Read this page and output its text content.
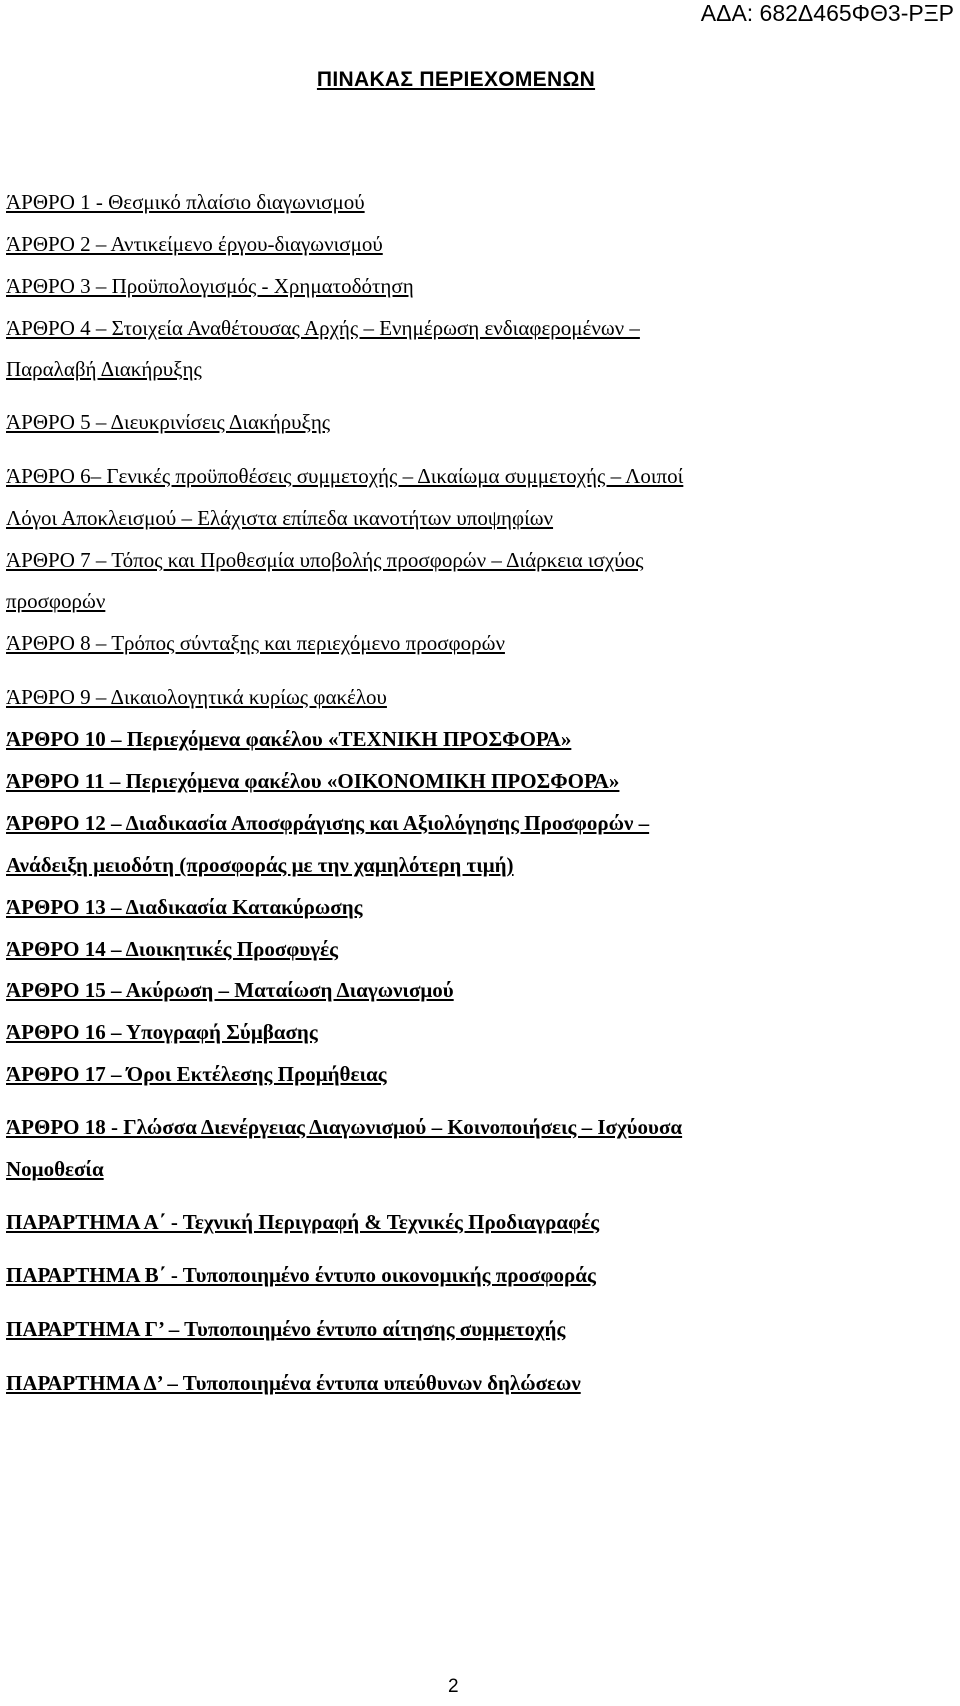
ΑΔΑ: 682Δ465ΦΘ3-ΡΞΡ
ΠΙΝΑΚΑΣ ΠΕΡΙΕΧΟΜΕΝΩΝ
ΆΡΘΡΟ 1 - Θεσμικό πλαίσιο διαγωνισμού
ΆΡΘΡΟ 2 – Αντικείμενο έργου-διαγωνισμού
ΆΡΘΡΟ 3 – Προϋπολογισμός - Χρηματοδότηση
ΆΡΘΡΟ 4 – Στοιχεία Αναθέτουσας Αρχής – Ενημέρωση ενδιαφερομένων –
Παραλαβή Διακήρυξης
ΆΡΘΡΟ 5 – Διευκρινίσεις Διακήρυξης
ΆΡΘΡΟ 6– Γενικές προϋποθέσεις συμμετοχής – Δικαίωμα συμμετοχής – Λοιποί
Λόγοι Αποκλεισμού – Ελάχιστα επίπεδα ικανοτήτων υποψηφίων
ΆΡΘΡΟ 7 – Τόπος και Προθεσμία υποβολής προσφορών – Διάρκεια ισχύος
προσφορών
ΆΡΘΡΟ 8 – Τρόπος σύνταξης και περιεχόμενο προσφορών
ΆΡΘΡΟ 9 – Δικαιολογητικά κυρίως φακέλου
ΆΡΘΡΟ 10 – Περιεχόμενα φακέλου «ΤΕΧΝΙΚΗ ΠΡΟΣΦΟΡΑ»
ΆΡΘΡΟ 11 – Περιεχόμενα φακέλου «ΟΙΚΟΝΟΜΙΚΗ ΠΡΟΣΦΟΡΑ»
ΆΡΘΡΟ 12 – Διαδικασία Αποσφράγισης και Αξιολόγησης Προσφορών –
Ανάδειξη μειοδότη (προσφοράς με την χαμηλότερη τιμή)
ΆΡΘΡΟ 13 – Διαδικασία Κατακύρωσης
ΆΡΘΡΟ 14 – Διοικητικές Προσφυγές
ΆΡΘΡΟ 15 – Ακύρωση – Ματαίωση Διαγωνισμού
ΆΡΘΡΟ 16 – Υπογραφή Σύμβασης
ΆΡΘΡΟ 17 – Όροι Εκτέλεσης Προμήθειας
ΆΡΘΡΟ 18 - Γλώσσα Διενέργειας Διαγωνισμού – Κοινοποιήσεις – Ισχύουσα
Νομοθεσία
ΠΑΡΑΡΤΗΜΑ Α΄ - Τεχνική Περιγραφή & Τεχνικές Προδιαγραφές
ΠΑΡΑΡΤΗΜΑ Β΄ - Τυποποιημένο έντυπο οικονομικής προσφοράς
ΠΑΡΑΡΤΗΜΑ Γ’ – Τυποποιημένο έντυπο αίτησης συμμετοχής
ΠΑΡΑΡΤΗΜΑ Δ’ – Τυποποιημένα έντυπα υπεύθυνων δηλώσεων
2
